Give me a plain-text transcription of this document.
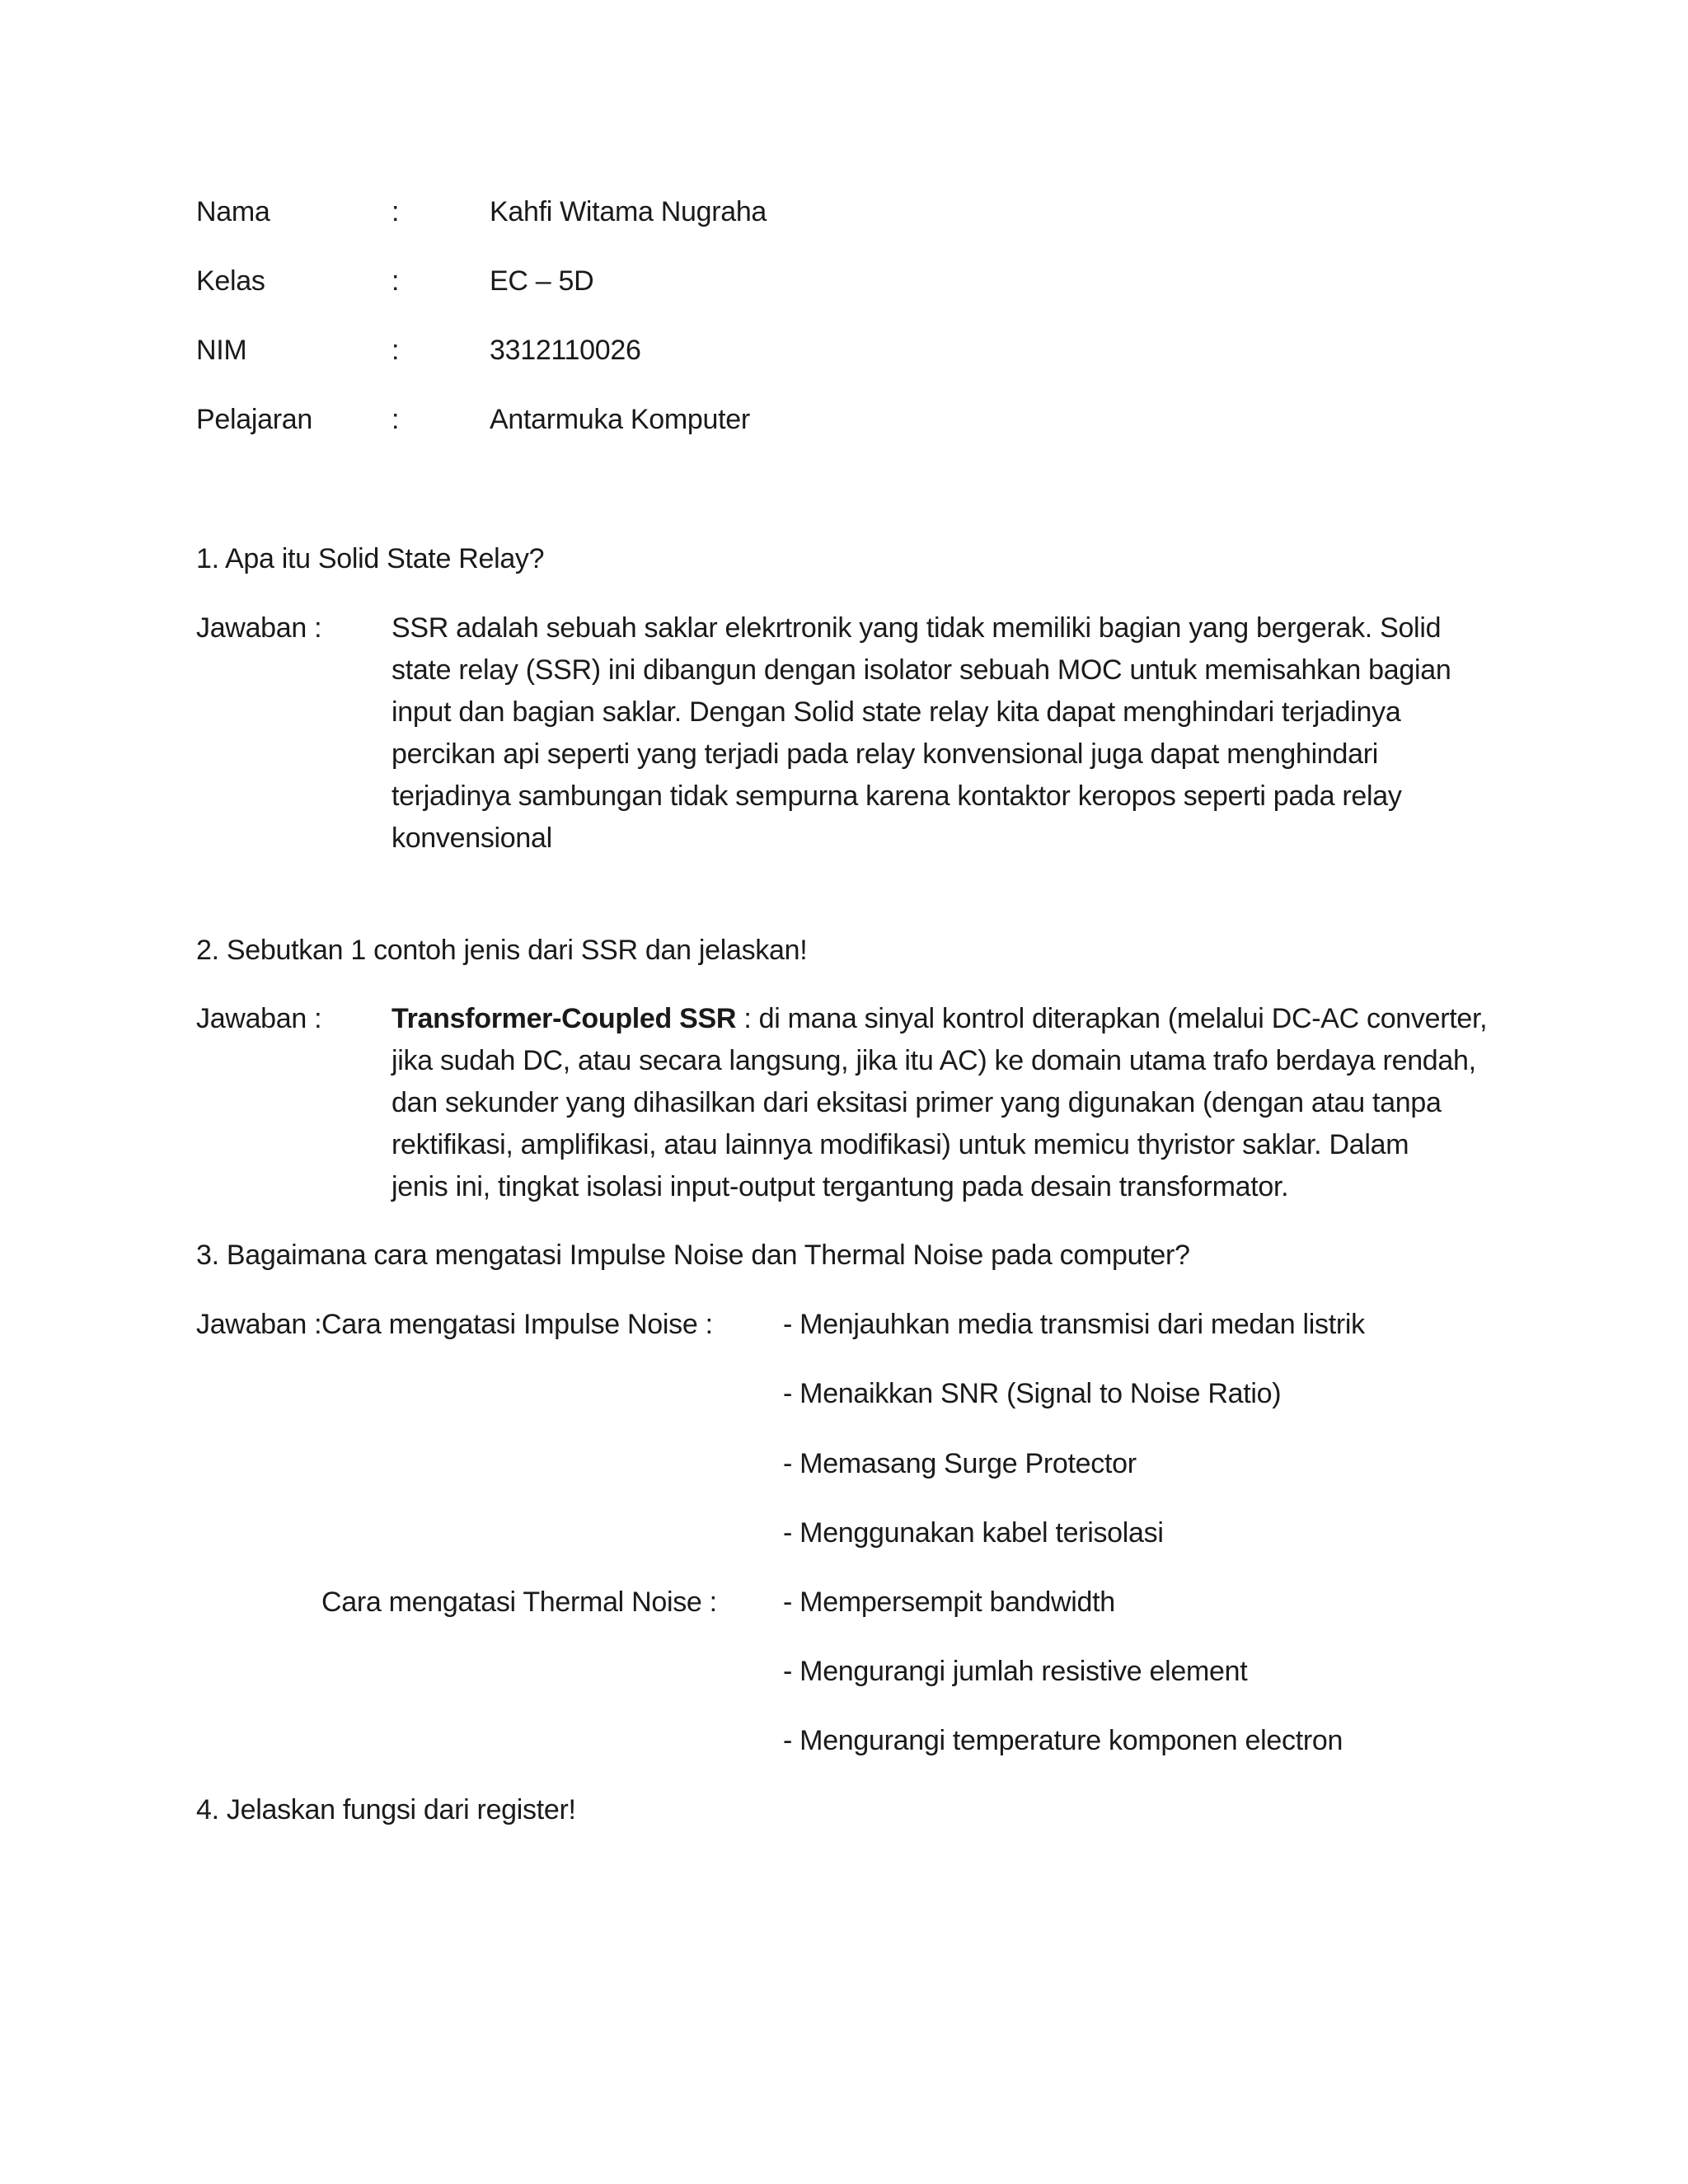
Nama	:	Kahfi Witama Nugraha
Kelas	:	EC – 5D
NIM	:	3312110026
Pelajaran	:	Antarmuka Komputer
1. Apa itu Solid State Relay?
Jawaban : SSR adalah sebuah saklar elekrtronik yang tidak memiliki bagian yang bergerak. Solid
state relay (SSR) ini dibangun dengan isolator sebuah MOC untuk memisahkan bagian
input dan bagian saklar. Dengan Solid state relay kita dapat menghindari terjadinya
percikan api seperti yang terjadi pada relay konvensional juga dapat menghindari
terjadinya sambungan tidak sempurna karena kontaktor keropos seperti pada relay
konvensional
2. Sebutkan 1 contoh jenis dari SSR dan jelaskan!
Jawaban : Transformer-Coupled SSR : di mana sinyal kontrol diterapkan (melalui DC-AC converter,
jika sudah DC, atau secara langsung, jika itu AC) ke domain utama trafo berdaya rendah,
dan sekunder yang dihasilkan dari eksitasi primer yang digunakan (dengan atau tanpa
rektifikasi, amplifikasi, atau lainnya modifikasi) untuk memicu thyristor saklar. Dalam
jenis ini, tingkat isolasi input-output tergantung pada desain transformator.
3. Bagaimana cara mengatasi Impulse Noise dan Thermal Noise pada computer?
Jawaban : Cara mengatasi Impulse Noise :	- Menjauhkan media transmisi dari medan listrik
- Menaikkan SNR (Signal to Noise Ratio)
- Memasang Surge Protector
- Menggunakan kabel terisolasi
Cara mengatasi Thermal Noise : - Mempersempit bandwidth
- Mengurangi jumlah resistive element
- Mengurangi temperature komponen electron
4. Jelaskan fungsi dari register!
